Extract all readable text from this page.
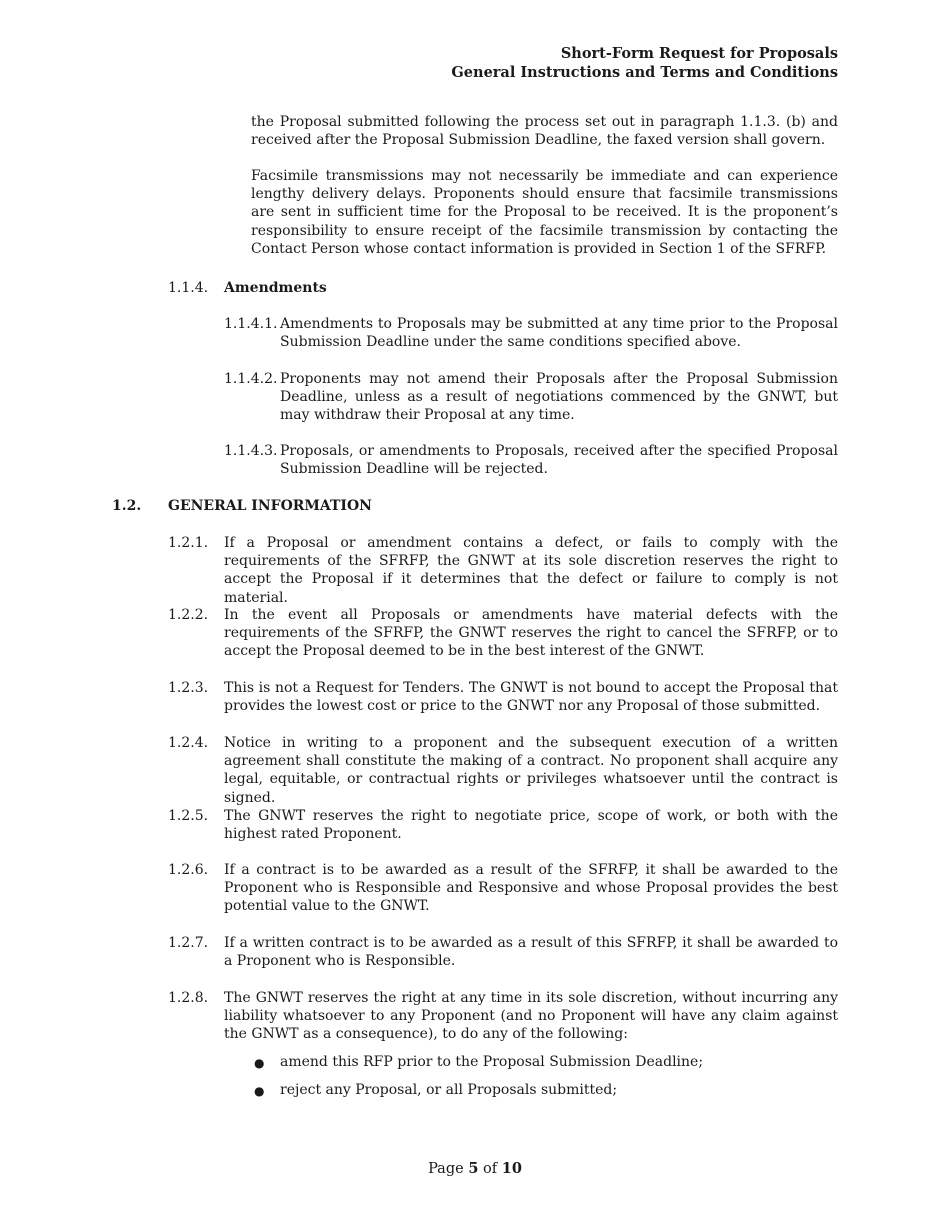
Short-Form Request for Proposals
General Instructions and Terms and Conditions

the Proposal submitted following the process set out in paragraph 1.1.3. (b) and received after the Proposal Submission Deadline, the faxed version shall govern.

Facsimile transmissions may not necessarily be immediate and can experience lengthy delivery delays. Proponents should ensure that facsimile transmissions are sent in sufficient time for the Proposal to be received. It is the proponent’s responsibility to ensure receipt of the facsimile transmission by contacting the Contact Person whose contact information is provided in Section 1 of the SFRFP.

1.1.4. Amendments
1.1.4.1. Amendments to Proposals may be submitted at any time prior to the Proposal Submission Deadline under the same conditions specified above.

1.1.4.2. Proponents may not amend their Proposals after the Proposal Submission Deadline, unless as a result of negotiations commenced by the GNWT, but may withdraw their Proposal at any time.

1.1.4.3. Proposals, or amendments to Proposals, received after the specified Proposal Submission Deadline will be rejected.

1.2. GENERAL INFORMATION
1.2.1. If a Proposal or amendment contains a defect, or fails to comply with the requirements of the SFRFP, the GNWT at its sole discretion reserves the right to accept the Proposal if it determines that the defect or failure to comply is not material.

1.2.2. In the event all Proposals or amendments have material defects with the requirements of the SFRFP, the GNWT reserves the right to cancel the SFRFP, or to accept the Proposal deemed to be in the best interest of the GNWT.

1.2.3. This is not a Request for Tenders. The GNWT is not bound to accept the Proposal that provides the lowest cost or price to the GNWT nor any Proposal of those submitted.

1.2.4. Notice in writing to a proponent and the subsequent execution of a written agreement shall constitute the making of a contract. No proponent shall acquire any legal, equitable, or contractual rights or privileges whatsoever until the contract is signed.

1.2.5. The GNWT reserves the right to negotiate price, scope of work, or both with the highest rated Proponent.

1.2.6. If a contract is to be awarded as a result of the SFRFP, it shall be awarded to the Proponent who is Responsible and Responsive and whose Proposal provides the best potential value to the GNWT.

1.2.7. If a written contract is to be awarded as a result of this SFRFP, it shall be awarded to a Proponent who is Responsible.

1.2.8. The GNWT reserves the right at any time in its sole discretion, without incurring any liability whatsoever to any Proponent (and no Proponent will have any claim against the GNWT as a consequence), to do any of the following:

● amend this RFP prior to the Proposal Submission Deadline;

● reject any Proposal, or all Proposals submitted;

Page 5 of 10
